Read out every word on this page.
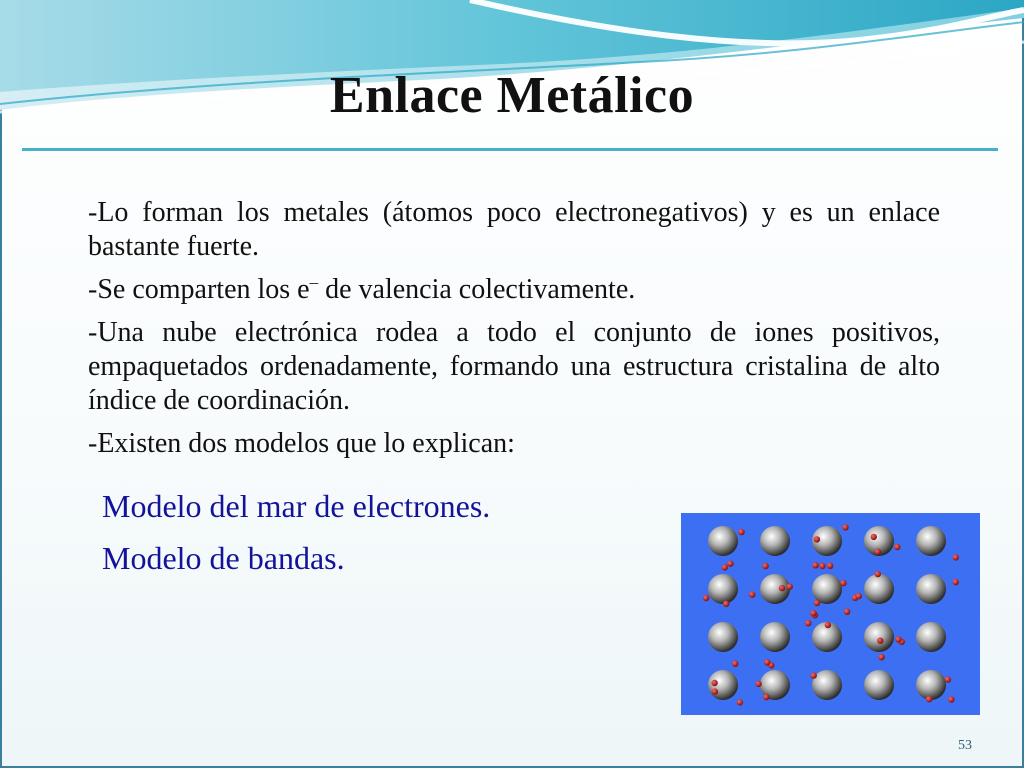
Enlace Metálico

-Lo forman los metales (átomos poco electronegativos) y es un enlace bastante fuerte.

-Se comparten los e– de valencia colectivamente.

-Una nube electrónica rodea a todo el conjunto de iones positivos, empaquetados ordenadamente, formando una estructura cristalina de alto índice de coordinación.

-Existen dos modelos que lo explican:

Modelo del mar de electrones.
Modelo de bandas.
53
